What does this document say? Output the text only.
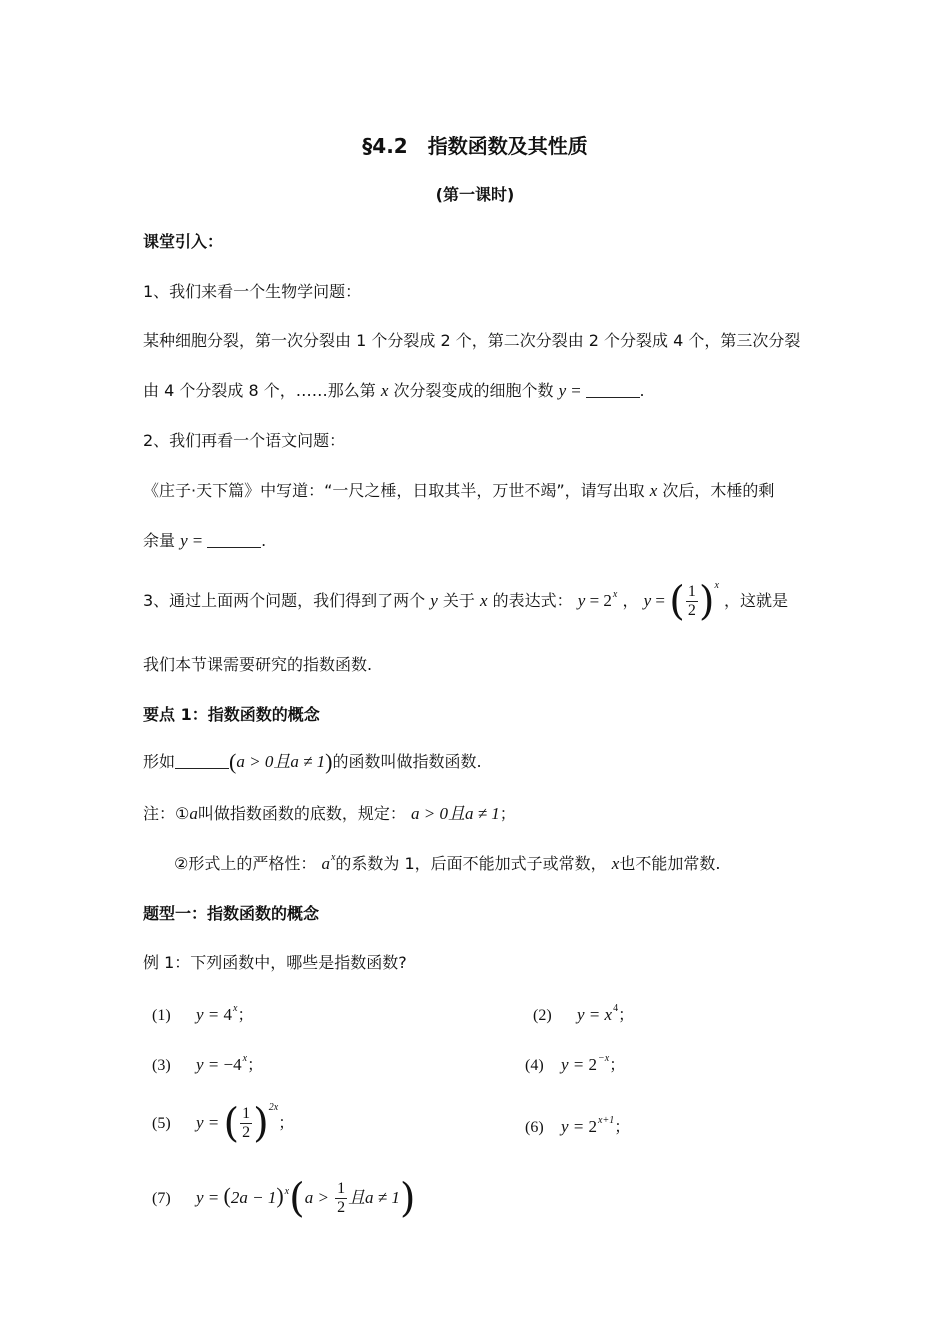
§4.2　指数函数及其性质
(第一课时)
课堂引入：
1、我们来看一个生物学问题：
某种细胞分裂，第一次分裂由 1 个分裂成 2 个，第二次分裂由 2 个分裂成 4 个，第三次分裂
由 4 个分裂成 8 个，……那么第 x 次分裂变成的细胞个数 y =	.
2、我们再看一个语文问题：
《庄子·天下篇》中写道：“一尺之棰，日取其半，万世不竭”，请写出取 x 次后，木棰的剩
余量 y =	.
3、通过上面两个问题，我们得到了两个 y 关于 x 的表达式： $y = 2^x$ ， y = ( $\frac{1}{2} )^x$ ，这就是
我们本节课需要研究的指数函数.
要点 1：指数函数的概念
形如 (a > 0且a ≠ 1)的函数叫做指数函数.
注：①a叫做指数函数的底数，规定： a > 0且a ≠ 1；
②形式上的严格性： $a^x$的系数为 1，后面不能加式子或常数， x也不能加常数.
题型一：指数函数的概念
例 1：下列函数中，哪些是指数函数?
(1) $y = 4^x$；	(2) $y = x^4$；
(3) $y = -4^x$；	(4) $y = 2^{-x}$；
(5) y = ( $\frac{1}{2} )^{2x}$；	(6) $y = 2^{x+1}$；
(7) $y = (2a - 1)^x(a > \frac{1}{2}$ 且a ≠ 1)
